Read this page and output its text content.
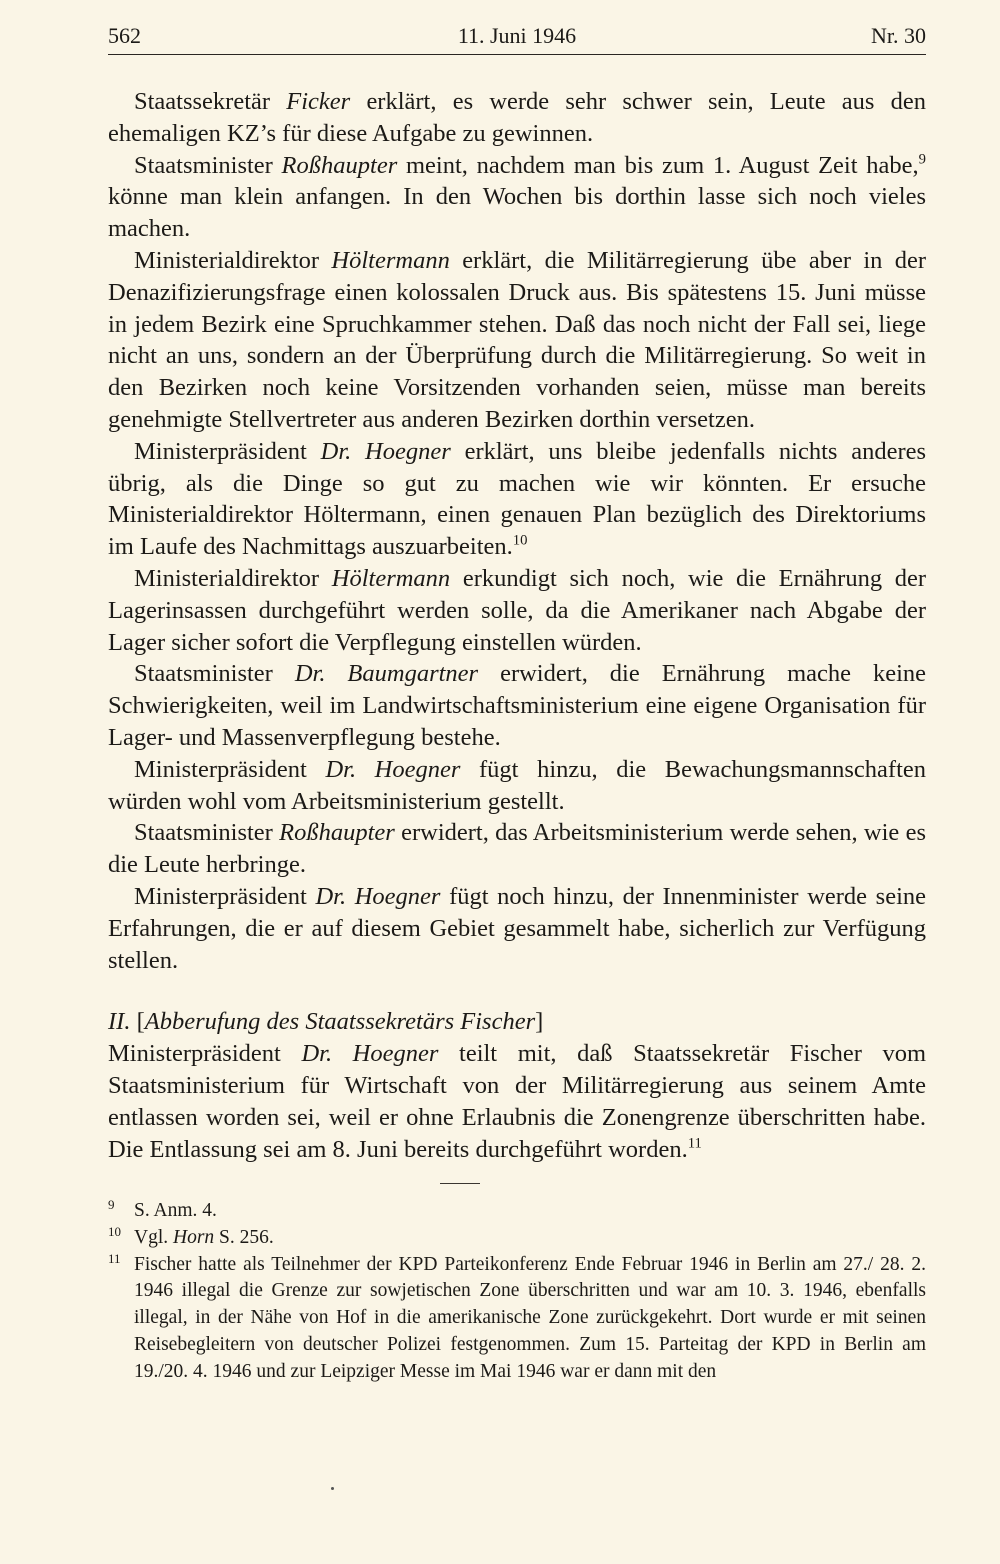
562	11. Juni 1946	Nr. 30

Staatssekretär Ficker erklärt, es werde sehr schwer sein, Leute aus den ehemaligen KZ’s für diese Aufgabe zu gewinnen.

Staatsminister Roßhaupter meint, nachdem man bis zum 1. August Zeit habe,$^9$ könne man klein anfangen. In den Wochen bis dorthin lasse sich noch vieles machen.

Ministerialdirektor Höltermann erklärt, die Militärregierung übe aber in der Denazifizierungsfrage einen kolossalen Druck aus. Bis spätestens 15. Juni müsse in jedem Bezirk eine Spruchkammer stehen. Daß das noch nicht der Fall sei, liege nicht an uns, sondern an der Überprüfung durch die Militärregierung. So weit in den Bezirken noch keine Vorsitzenden vorhanden seien, müsse man bereits genehmigte Stellvertreter aus anderen Bezirken dorthin versetzen.

Ministerpräsident Dr. Hoegner erklärt, uns bleibe jedenfalls nichts anderes übrig, als die Dinge so gut zu machen wie wir könnten. Er ersuche Ministerialdirektor Höltermann, einen genauen Plan bezüglich des Direktoriums im Laufe des Nachmittags auszuarbeiten.$^{10}$

Ministerialdirektor Höltermann erkundigt sich noch, wie die Ernährung der Lagerinsassen durchgeführt werden solle, da die Amerikaner nach Abgabe der Lager sicher sofort die Verpflegung einstellen würden.

Staatsminister Dr. Baumgartner erwidert, die Ernährung mache keine Schwierigkeiten, weil im Landwirtschaftsministerium eine eigene Organisation für Lager- und Massenverpflegung bestehe.

Ministerpräsident Dr. Hoegner fügt hinzu, die Bewachungsmannschaften würden wohl vom Arbeitsministerium gestellt.

Staatsminister Roßhaupter erwidert, das Arbeitsministerium werde sehen, wie es die Leute herbringe.

Ministerpräsident Dr. Hoegner fügt noch hinzu, der Innenminister werde seine Erfahrungen, die er auf diesem Gebiet gesammelt habe, sicherlich zur Verfügung stellen.

II. [Abberufung des Staatssekretärs Fischer]

Ministerpräsident Dr. Hoegner teilt mit, daß Staatssekretär Fischer vom Staatsministerium für Wirtschaft von der Militärregierung aus seinem Amte entlassen worden sei, weil er ohne Erlaubnis die Zonengrenze überschritten habe. Die Entlassung sei am 8. Juni bereits durchgeführt worden.$^{11}$

9 S. Anm. 4.
10 Vgl. Horn S. 256.
11 Fischer hatte als Teilnehmer der KPD Parteikonferenz Ende Februar 1946 in Berlin am 27./ 28. 2. 1946 illegal die Grenze zur sowjetischen Zone überschritten und war am 10. 3. 1946, ebenfalls illegal, in der Nähe von Hof in die amerikanische Zone zurückgekehrt. Dort wurde er mit seinen Reisebegleitern von deutscher Polizei festgenommen. Zum 15. Parteitag der KPD in Berlin am 19./20. 4. 1946 und zur Leipziger Messe im Mai 1946 war er dann mit den
